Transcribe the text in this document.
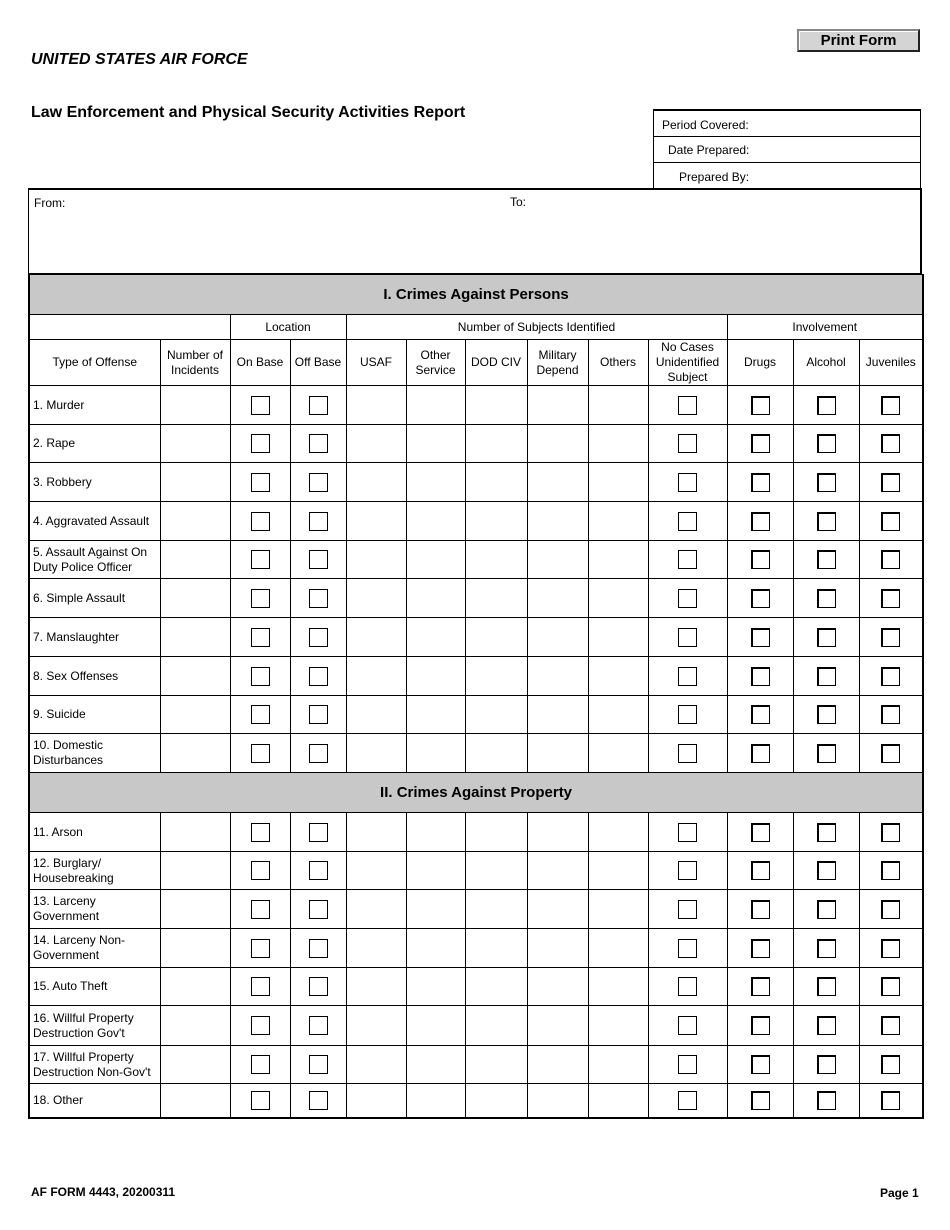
UNITED STATES AIR FORCE
Law Enforcement and Physical Security Activities Report
Print Form
Period Covered:
Date Prepared:
Prepared By:
From:	To:
I. Crimes Against Persons												
		Location		Number of Subjects Identified						Involvement		
Type of Offense	Number of Incidents	On Base	Off Base	USAF	Other Service	DOD CIV	Military Depend	Others	No Cases Unidentified Subject	Drugs	Alcohol	Juveniles
1. Murder												
2. Rape												
3. Robbery												
4. Aggravated Assault												
5. Assault Against On Duty Police Officer												
6. Simple Assault												
7. Manslaughter												
8. Sex Offenses												
9. Suicide												
10. Domestic Disturbances												
II. Crimes Against Property												
11. Arson												
12. Burglary/ Housebreaking												
13. Larceny Government												
14. Larceny Non-Government												
15. Auto Theft												
16. Willful Property Destruction Gov't												
17. Willful Property Destruction Non-Gov't												
18. Other												
AF FORM 4443, 20200311	Page 1
